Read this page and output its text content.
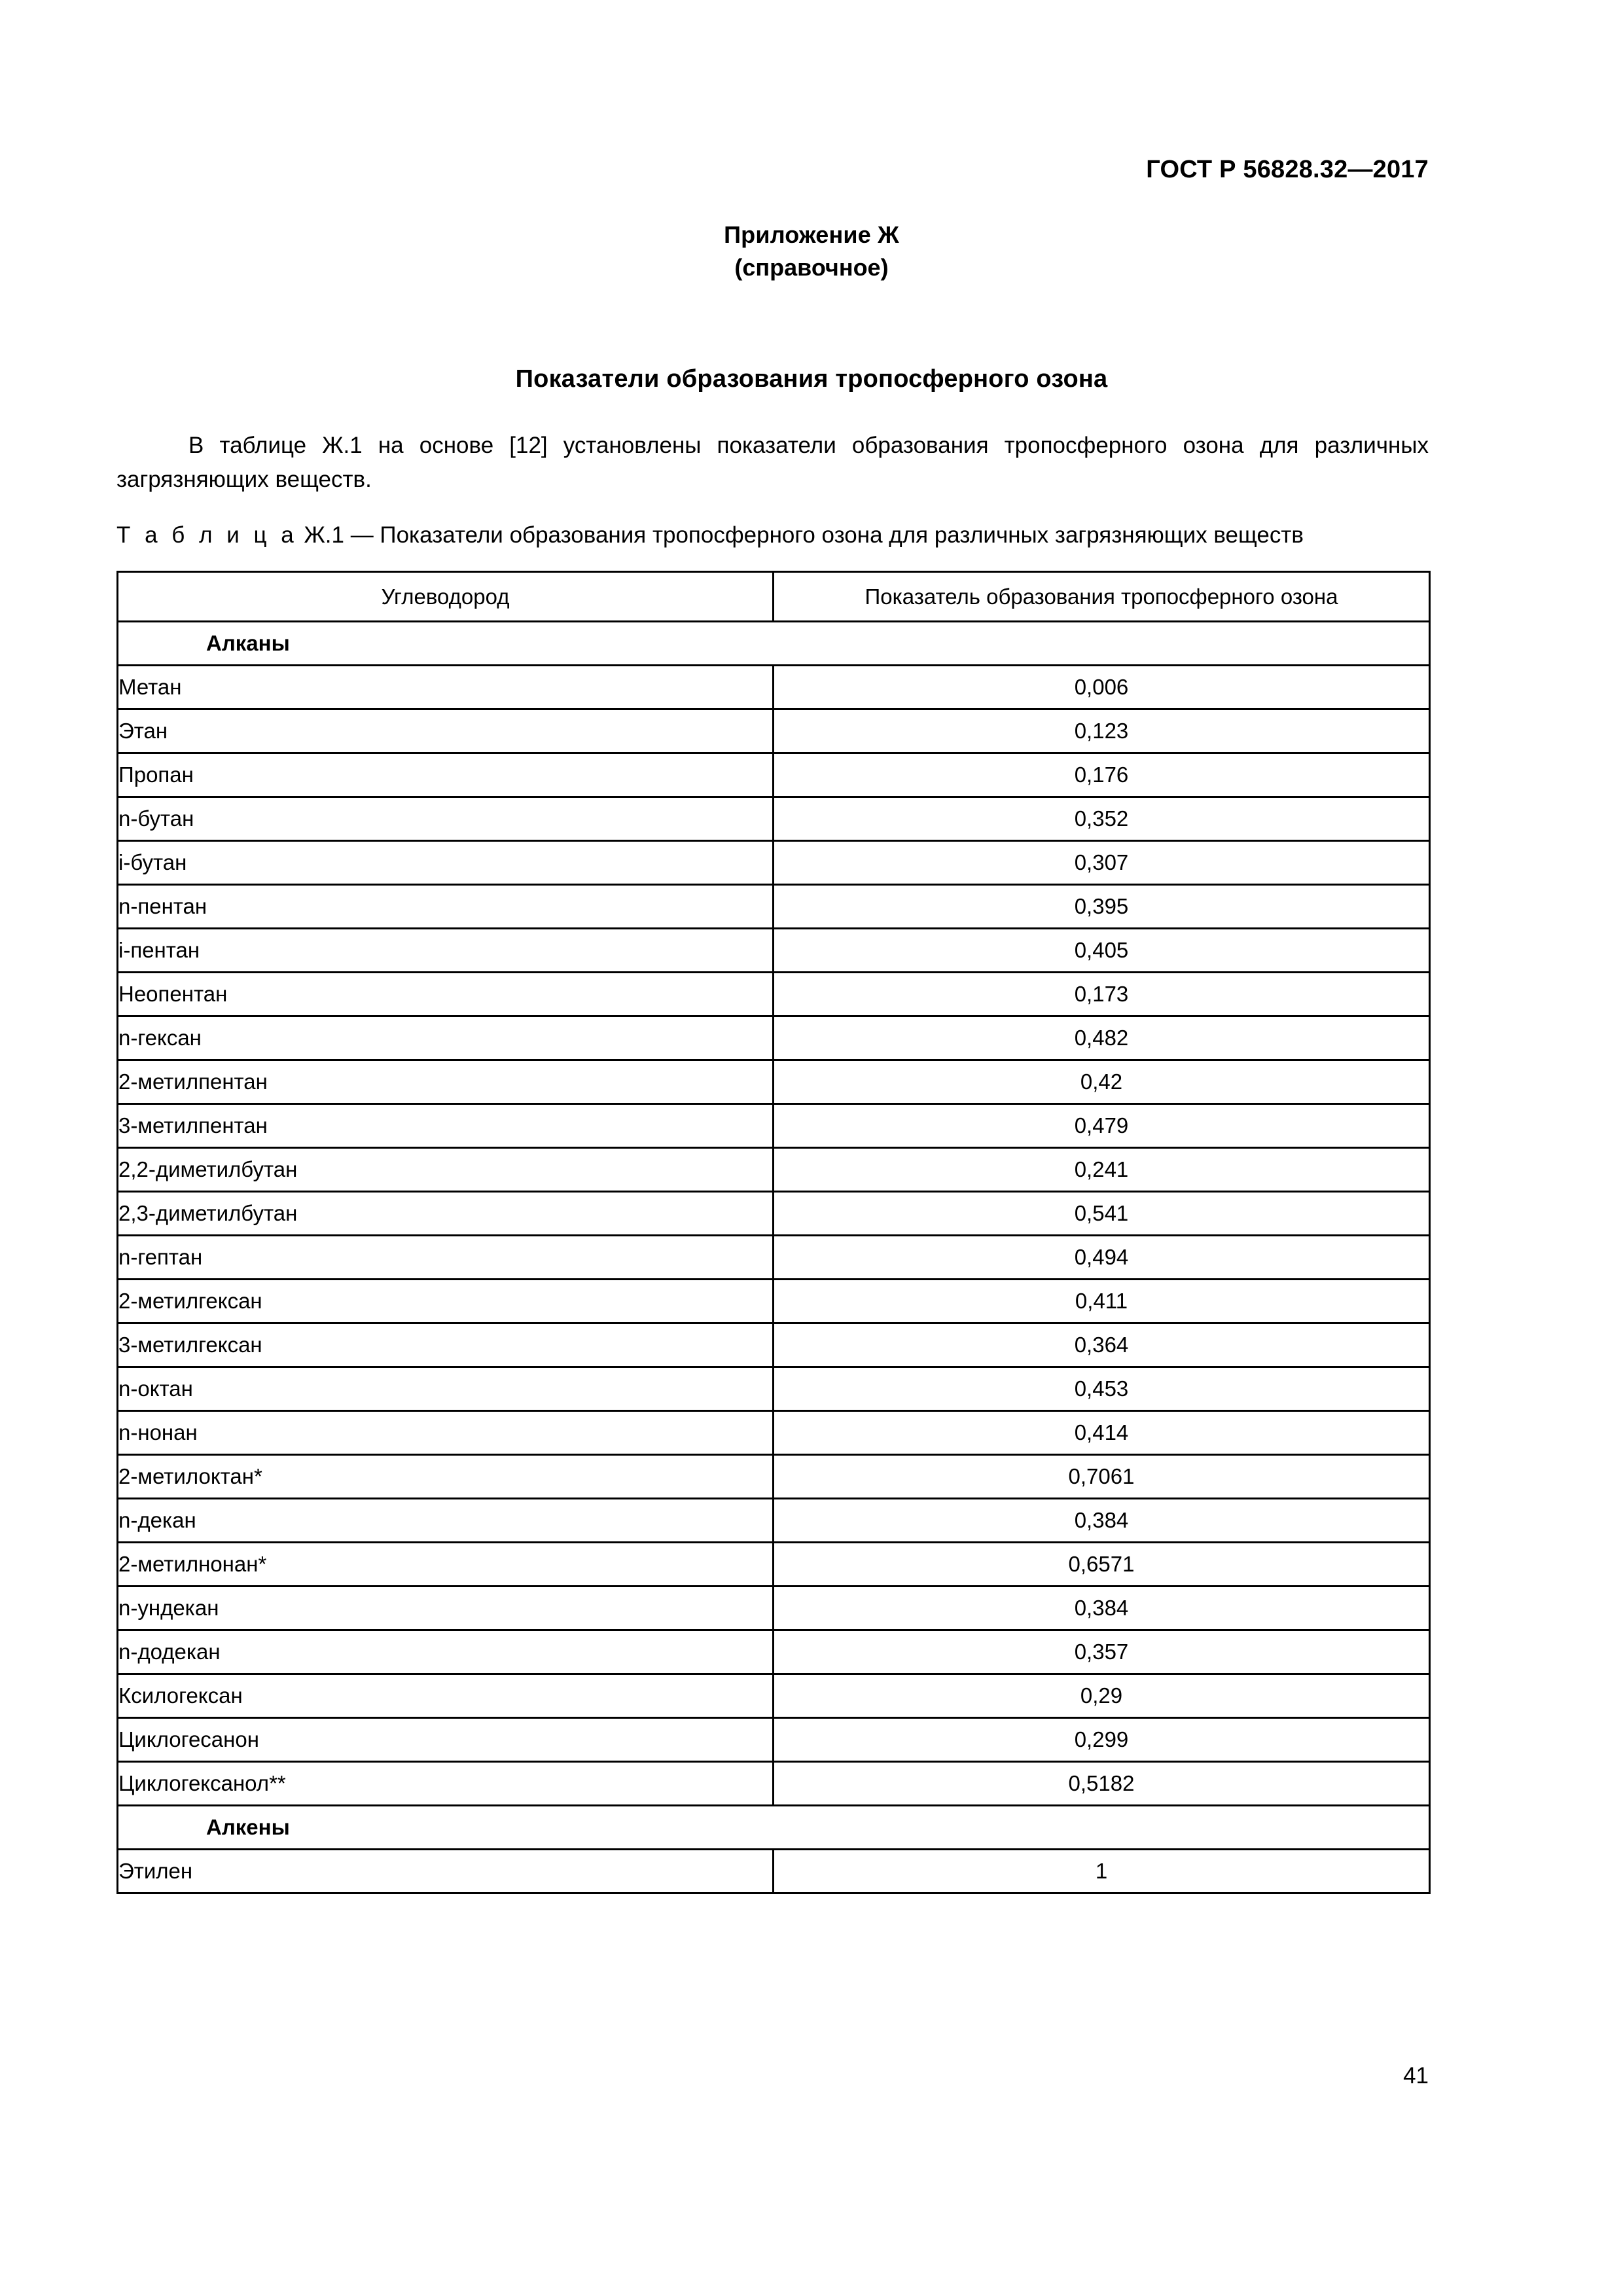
ГОСТ Р 56828.32—2017
Приложение Ж
(справочное)
Показатели образования тропосферного озона
В таблице Ж.1 на основе [12] установлены показатели образования тропосферного озона для различных загрязняющих веществ.
Т а б л и ц а Ж.1 — Показатели образования тропосферного озона для различных загрязняющих веществ
Углеводород	Показатель образования тропосферного озона
Алканы	
Метан	0,006
Этан	0,123
Пропан	0,176
n-бутан	0,352
i-бутан	0,307
n-пентан	0,395
i-пентан	0,405
Неопентан	0,173
n-гексан	0,482
2-метилпентан	0,42
3-метилпентан	0,479
2,2-диметилбутан	0,241
2,3-диметилбутан	0,541
n-гептан	0,494
2-метилгексан	0,411
3-метилгексан	0,364
n-октан	0,453
n-нонан	0,414
2-метилоктан*	0,7061
n-декан	0,384
2-метилнонан*	0,6571
n-ундекан	0,384
n-додекан	0,357
Ксилогексан	0,29
Циклогесанон	0,299
Циклогексанол**	0,5182
Алкены	
Этилен	1
41
